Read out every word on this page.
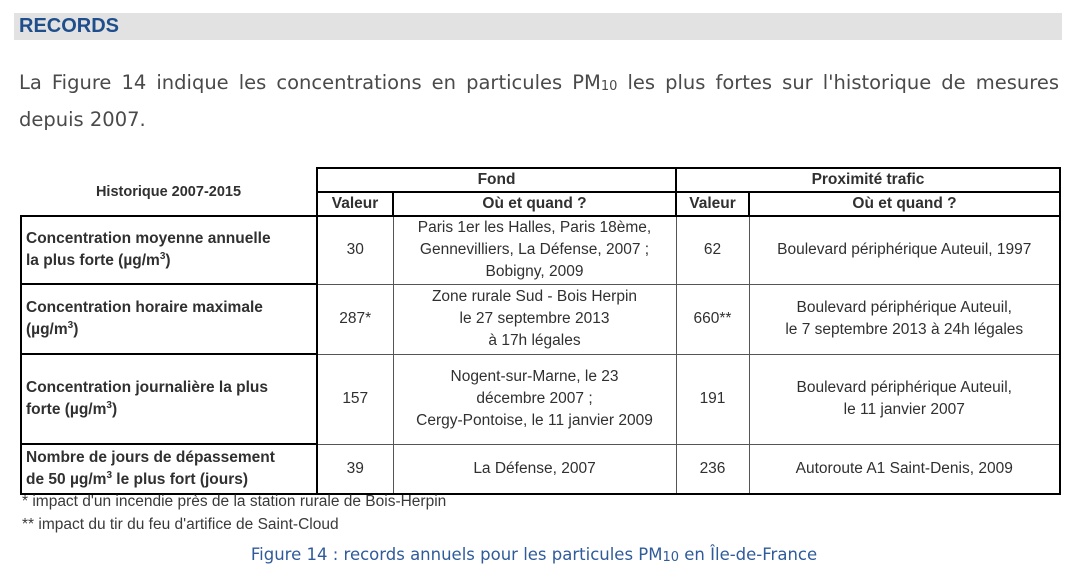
RECORDS
La Figure 14 indique les concentrations en particules $PM_{10}$ les plus fortes sur l'historique de mesures
depuis 2007.
Historique 2007-2015	Fond		Proximité trafic	
	Valeur	Où et quand ?	Valeur	Où et quand ?
Concentration moyenne annuelle
la plus forte $(\mu g/m^3)$	30	Paris 1er les Halles, Paris 18ème,
Gennevilliers, La Défense, 2007 ;
Bobigny, 2009	62	Boulevard périphérique Auteuil, 1997
Concentration horaire maximale
$(\mu g/m^3)$	287*	Zone rurale Sud - Bois Herpin
le 27 septembre 2013
à 17h légales	660**	Boulevard périphérique Auteuil,
le 7 septembre 2013 à 24h légales
Concentration journalière la plus
forte $(\mu g/m^3)$	157	Nogent-sur-Marne, le 23
décembre 2007 ;
Cergy-Pontoise, le 11 janvier 2009	191	Boulevard périphérique Auteuil,
le 11 janvier 2007
Nombre de jours de dépassement
de 50 $\mu g/m^3$ le plus fort (jours)	39	La Défense, 2007	236	Autoroute A1 Saint-Denis, 2009
* impact d'un incendie près de la station rurale de Bois-Herpin
** impact du tir du feu d'artifice de Saint-Cloud
Figure 14 : records annuels pour les particules $PM_{10}$ en Île-de-France
